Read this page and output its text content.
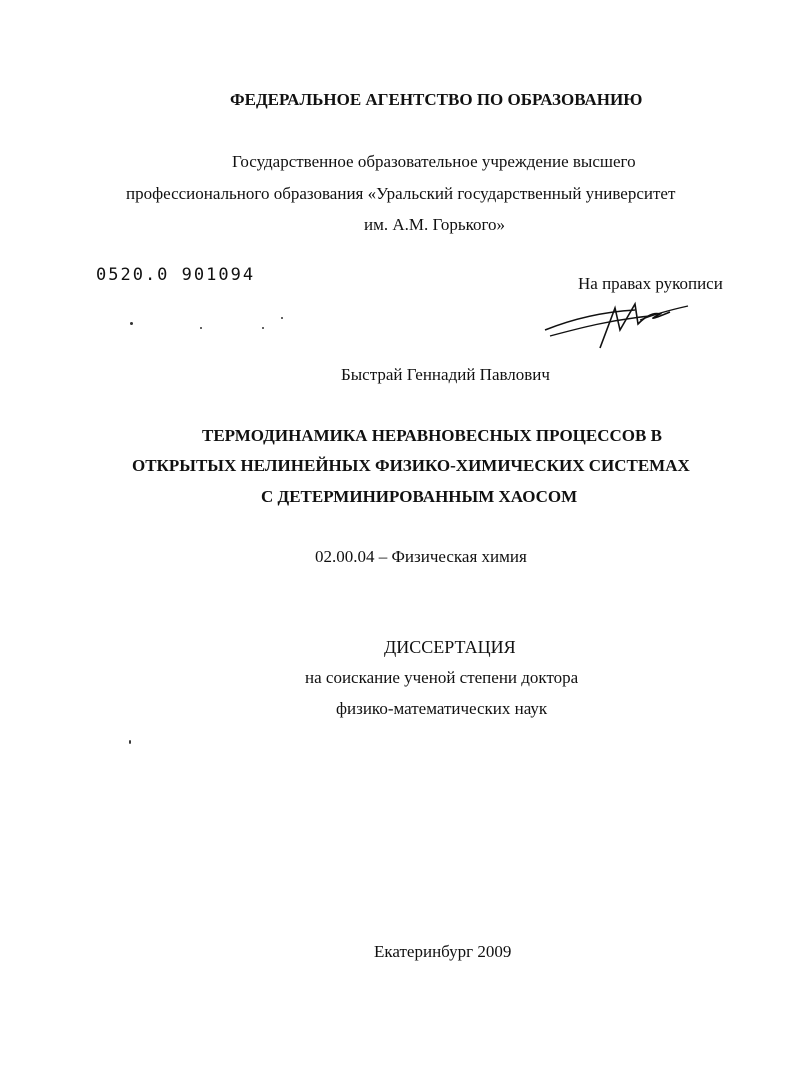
ФЕДЕРАЛЬНОЕ АГЕНТСТВО ПО ОБРАЗОВАНИЮ
Государственное образовательное учреждение высшего
профессионального образования «Уральский государственный университет
им. А.М. Горького»
0520.0 901094	На правах рукописи
Быстрай Геннадий Павлович
ТЕРМОДИНАМИКА НЕРАВНОВЕСНЫХ ПРОЦЕССОВ В
ОТКРЫТЫХ НЕЛИНЕЙНЫХ ФИЗИКО-ХИМИЧЕСКИХ СИСТЕМАХ
С ДЕТЕРМИНИРОВАННЫМ ХАОСОМ
02.00.04 – Физическая химия
ДИССЕРТАЦИЯ
на соискание ученой степени доктора
физико-математических наук
Екатеринбург 2009
